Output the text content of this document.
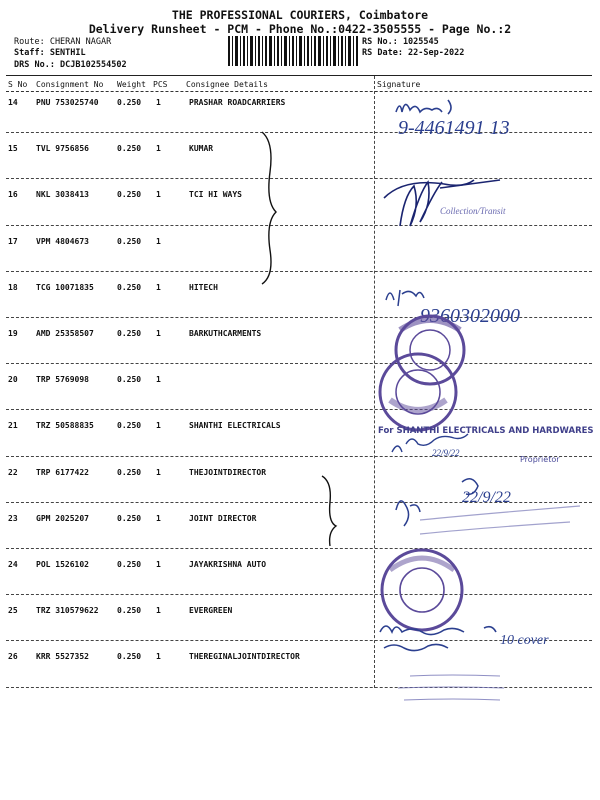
THE PROFESSIONAL COURIERS, Coimbatore
Delivery Runsheet - PCM - Phone No.:0422-3505555 - Page No.:2
Route: CHERAN NAGAR
Staff: SENTHIL
DRS No.: DCJB102554502
RS No.: 1025545
RS Date: 22-Sep-2022
S No Consignment No Weight PCS Consignee Details	Signature
14 PNU 753025740 0.250 1	PRASHAR ROADCARRIERS
15 TVL 9756856	0.250 1	KUMAR
16 NKL 3038413	0.250 1	TCI HI WAYS
17 VPM 4804673	0.250 1
18 TCG 10071835	0.250 1	HITECH
19 AMD 25358507	0.250 1	BARKUTHCARMENTS
20 TRP 5769098	0.250 1
21 TRZ 50588835	0.250 1	SHANTHI ELECTRICALS
22 TRP 6177422	0.250 1	THEJOINTDIRECTOR
23 GPM 2025207	0.250 1	JOINT DIRECTOR
24 POL 1526102	0.250 1	JAYAKRISHNA AUTO
25 TRZ 310579622 0.250 1	EVERGREEN
26 KRR 5527352	0.250 1	THEREGINALJOINTDIRECTOR
9-4461491 13
Collection/Transit
9360302000
For SHANTHI ELECTRICALS AND HARDWARES
22/9/22
Proprietor
22/9/22
10 cover
